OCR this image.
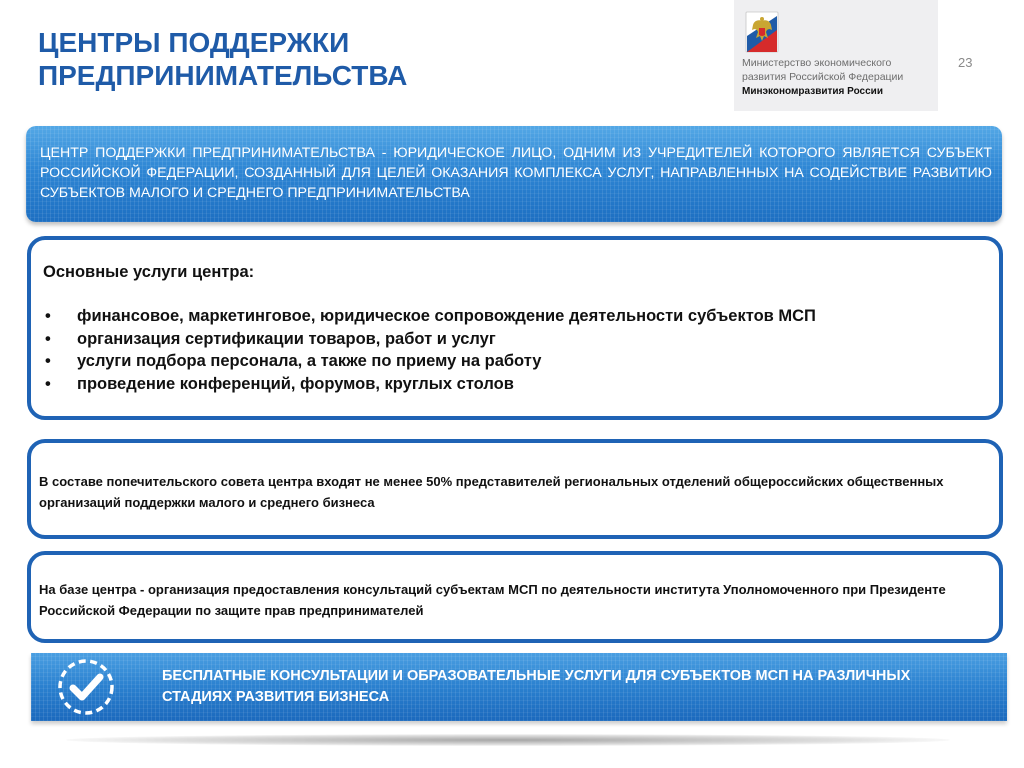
ЦЕНТРЫ ПОДДЕРЖКИ
ПРЕДПРИНИМАТЕЛЬСТВА	Министерство экономического
развития Российской Федерации
Минэкономразвития России
23
ЦЕНТР ПОДДЕРЖКИ ПРЕДПРИНИМАТЕЛЬСТВА - ЮРИДИЧЕСКОЕ ЛИЦО, ОДНИМ ИЗ УЧРЕДИТЕЛЕЙ КОТОРОГО ЯВЛЯЕТСЯ СУБЪЕКТ РОССИЙСКОЙ ФЕДЕРАЦИИ, СОЗДАННЫЙ ДЛЯ ЦЕЛЕЙ ОКАЗАНИЯ КОМПЛЕКСА УСЛУГ, НАПРАВЛЕННЫХ НА СОДЕЙСТВИЕ РАЗВИТИЮ СУБЪЕКТОВ МАЛОГО И СРЕДНЕГО ПРЕДПРИНИМАТЕЛЬСТВА
Основные услуги центра:
• финансовое, маркетинговое, юридическое сопровождение деятельности субъектов МСП
• организация сертификации товаров, работ и услуг
• услуги подбора персонала, а также по приему на работу
• проведение конференций, форумов, круглых столов
В составе попечительского совета центра входят не менее 50% представителей региональных отделений общероссийских общественных организаций поддержки малого и среднего бизнеса
На базе центра - организация предоставления консультаций субъектам МСП по деятельности института Уполномоченного при Президенте Российской Федерации по защите прав предпринимателей
БЕСПЛАТНЫЕ КОНСУЛЬТАЦИИ И ОБРАЗОВАТЕЛЬНЫЕ УСЛУГИ ДЛЯ СУБЪЕКТОВ МСП НА РАЗЛИЧНЫХ СТАДИЯХ РАЗВИТИЯ БИЗНЕСА
